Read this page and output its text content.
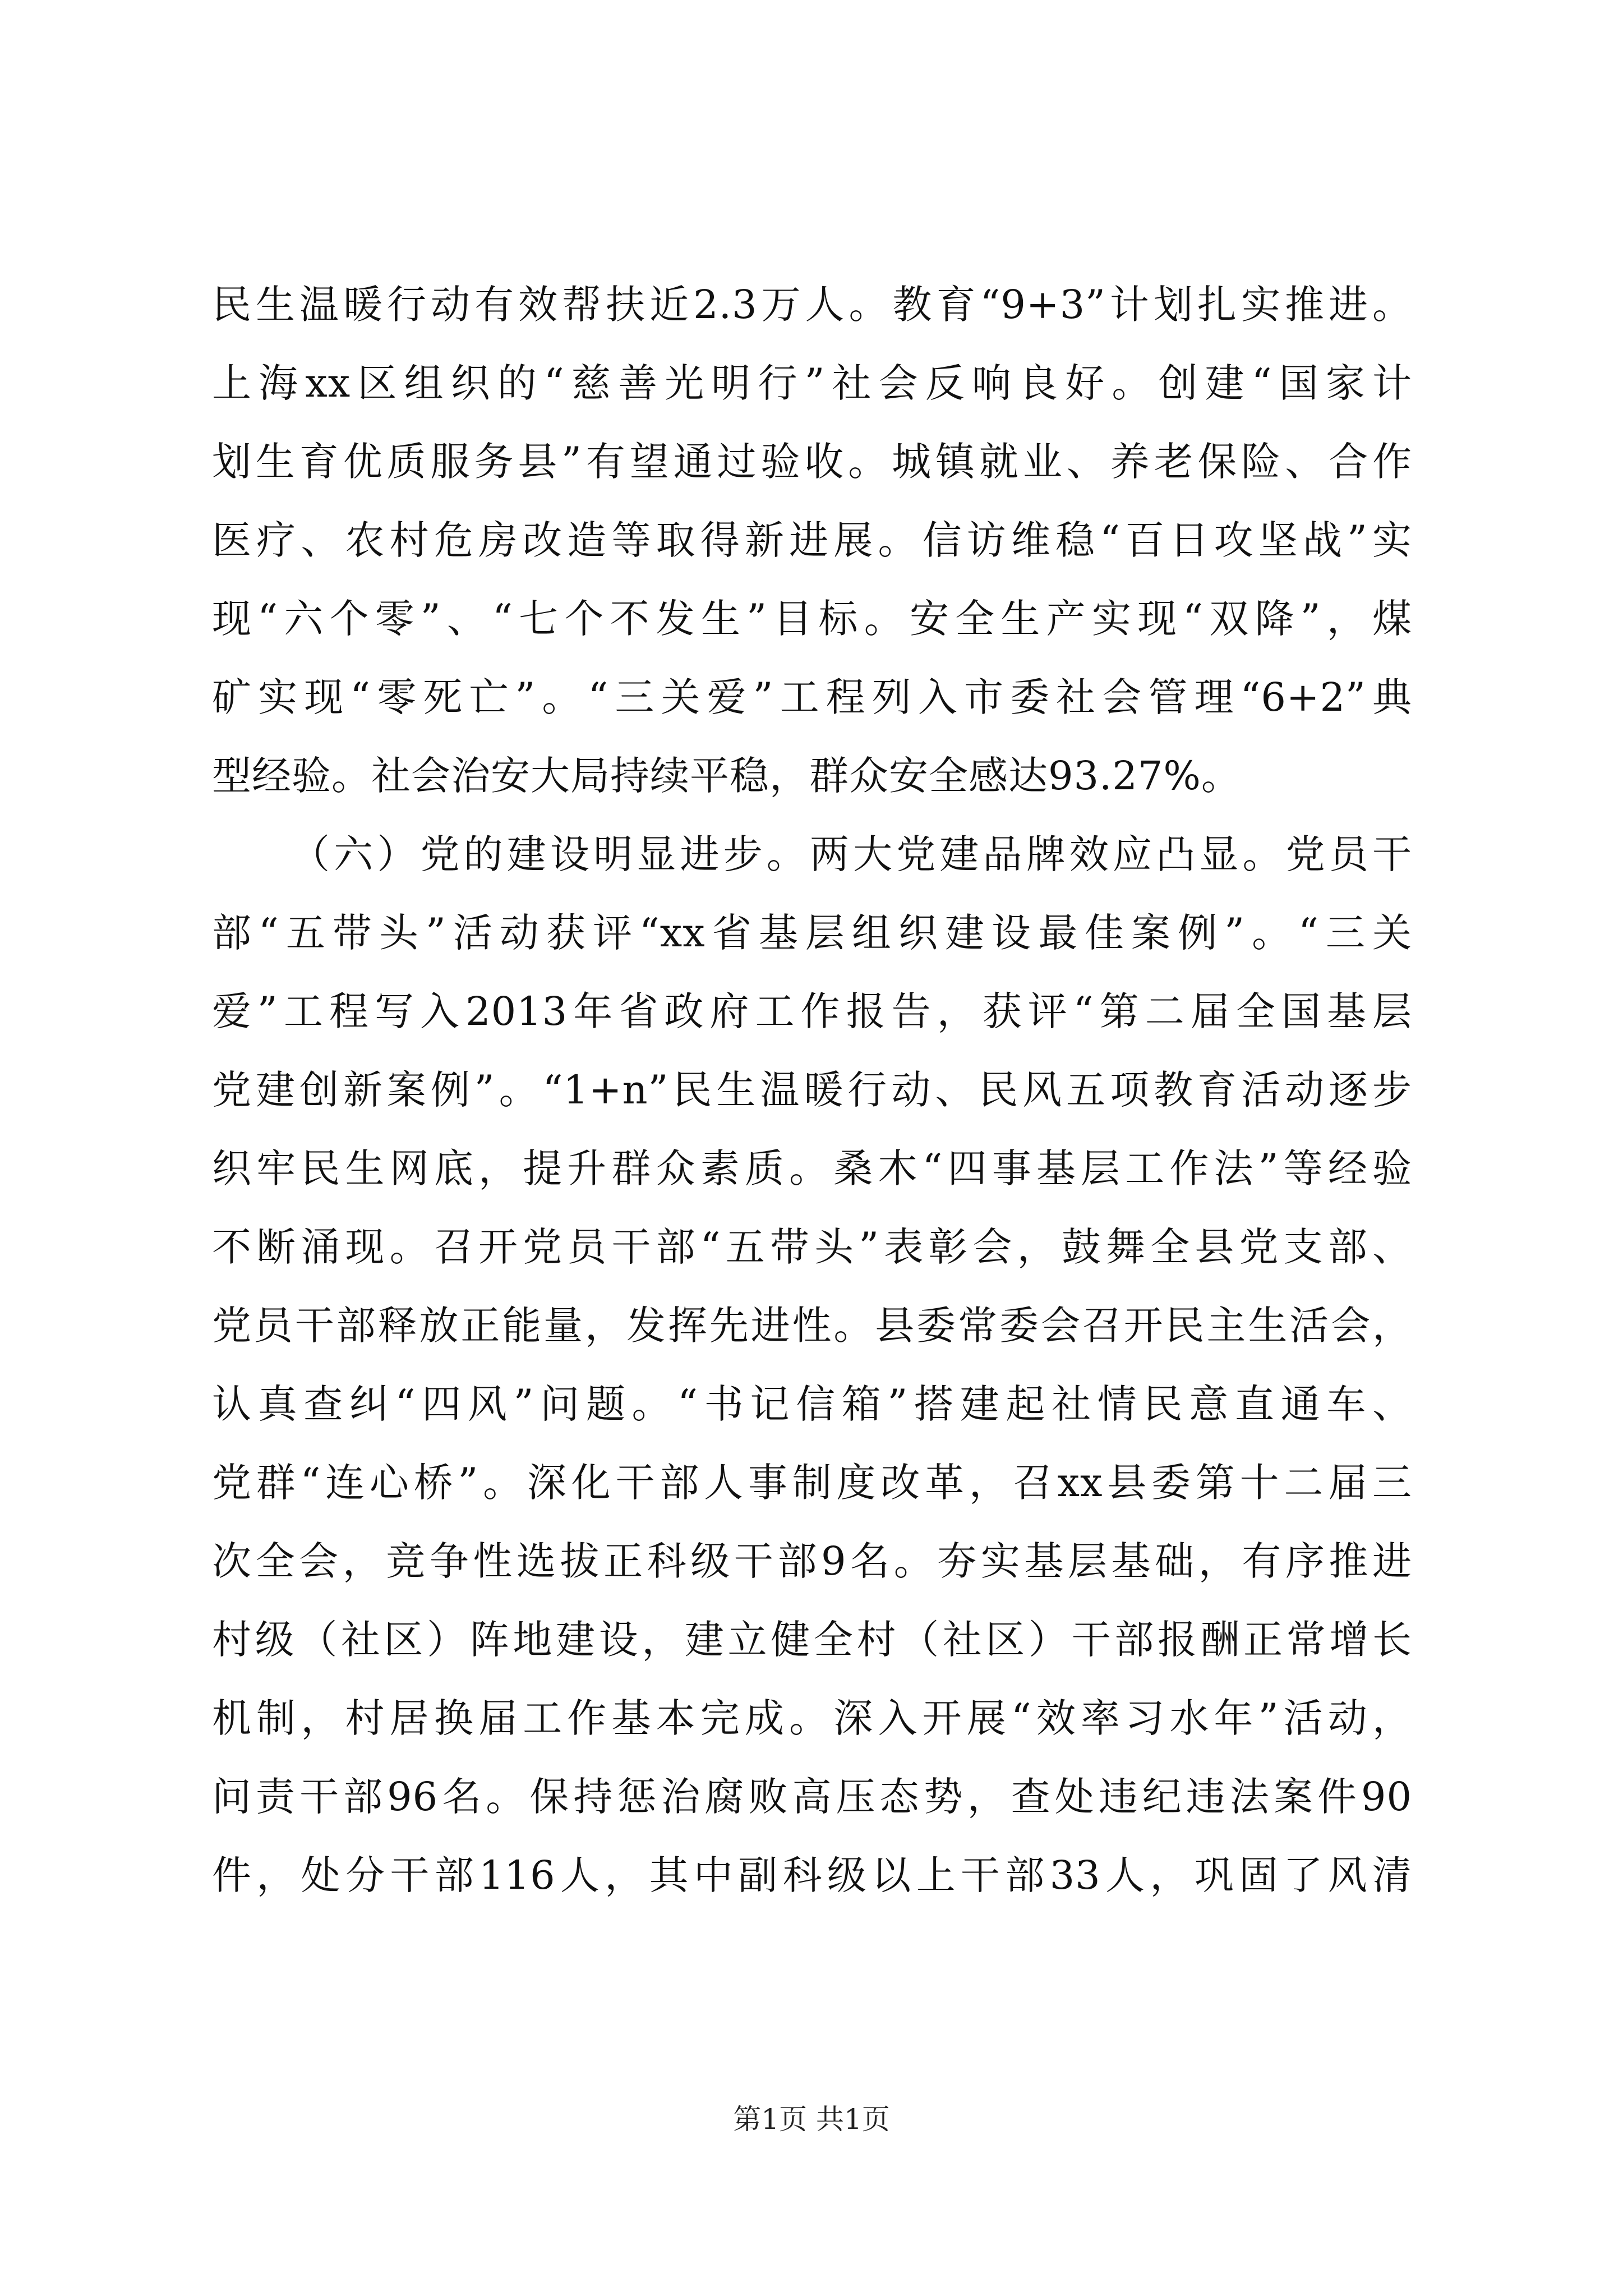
民生温暖行动有效帮扶近2.3万人。教育“9+3”计划扎实推进。
上海xx区组织的“慈善光明行”社会反响良好。创建“国家计
划生育优质服务县”有望通过验收。城镇就业、养老保险、合作
医疗、农村危房改造等取得新进展。信访维稳“百日攻坚战”实
现“六个零”、“七个不发生”目标。安全生产实现“双降”，煤
矿实现“零死亡”。“三关爱”工程列入市委社会管理“6+2”典
型经验。社会治安大局持续平稳，群众安全感达93.27%。
（六）党的建设明显进步。两大党建品牌效应凸显。党员干
部“五带头”活动获评“xx省基层组织建设最佳案例”。“三关
爱”工程写入2013年省政府工作报告，获评“第二届全国基层
党建创新案例”。“1+n”民生温暖行动、民风五项教育活动逐步
织牢民生网底，提升群众素质。桑木“四事基层工作法”等经验
不断涌现。召开党员干部“五带头”表彰会，鼓舞全县党支部、
党员干部释放正能量，发挥先进性。县委常委会召开民主生活会，
认真查纠“四风”问题。“书记信箱”搭建起社情民意直通车、
党群“连心桥”。深化干部人事制度改革，召xx县委第十二届三
次全会，竞争性选拔正科级干部9名。夯实基层基础，有序推进
村级（社区）阵地建设，建立健全村（社区）干部报酬正常增长
机制，村居换届工作基本完成。深入开展“效率习水年”活动，
问责干部96名。保持惩治腐败高压态势，查处违纪违法案件90
件，处分干部116人，其中副科级以上干部33人，巩固了风清
第1页 共1页
